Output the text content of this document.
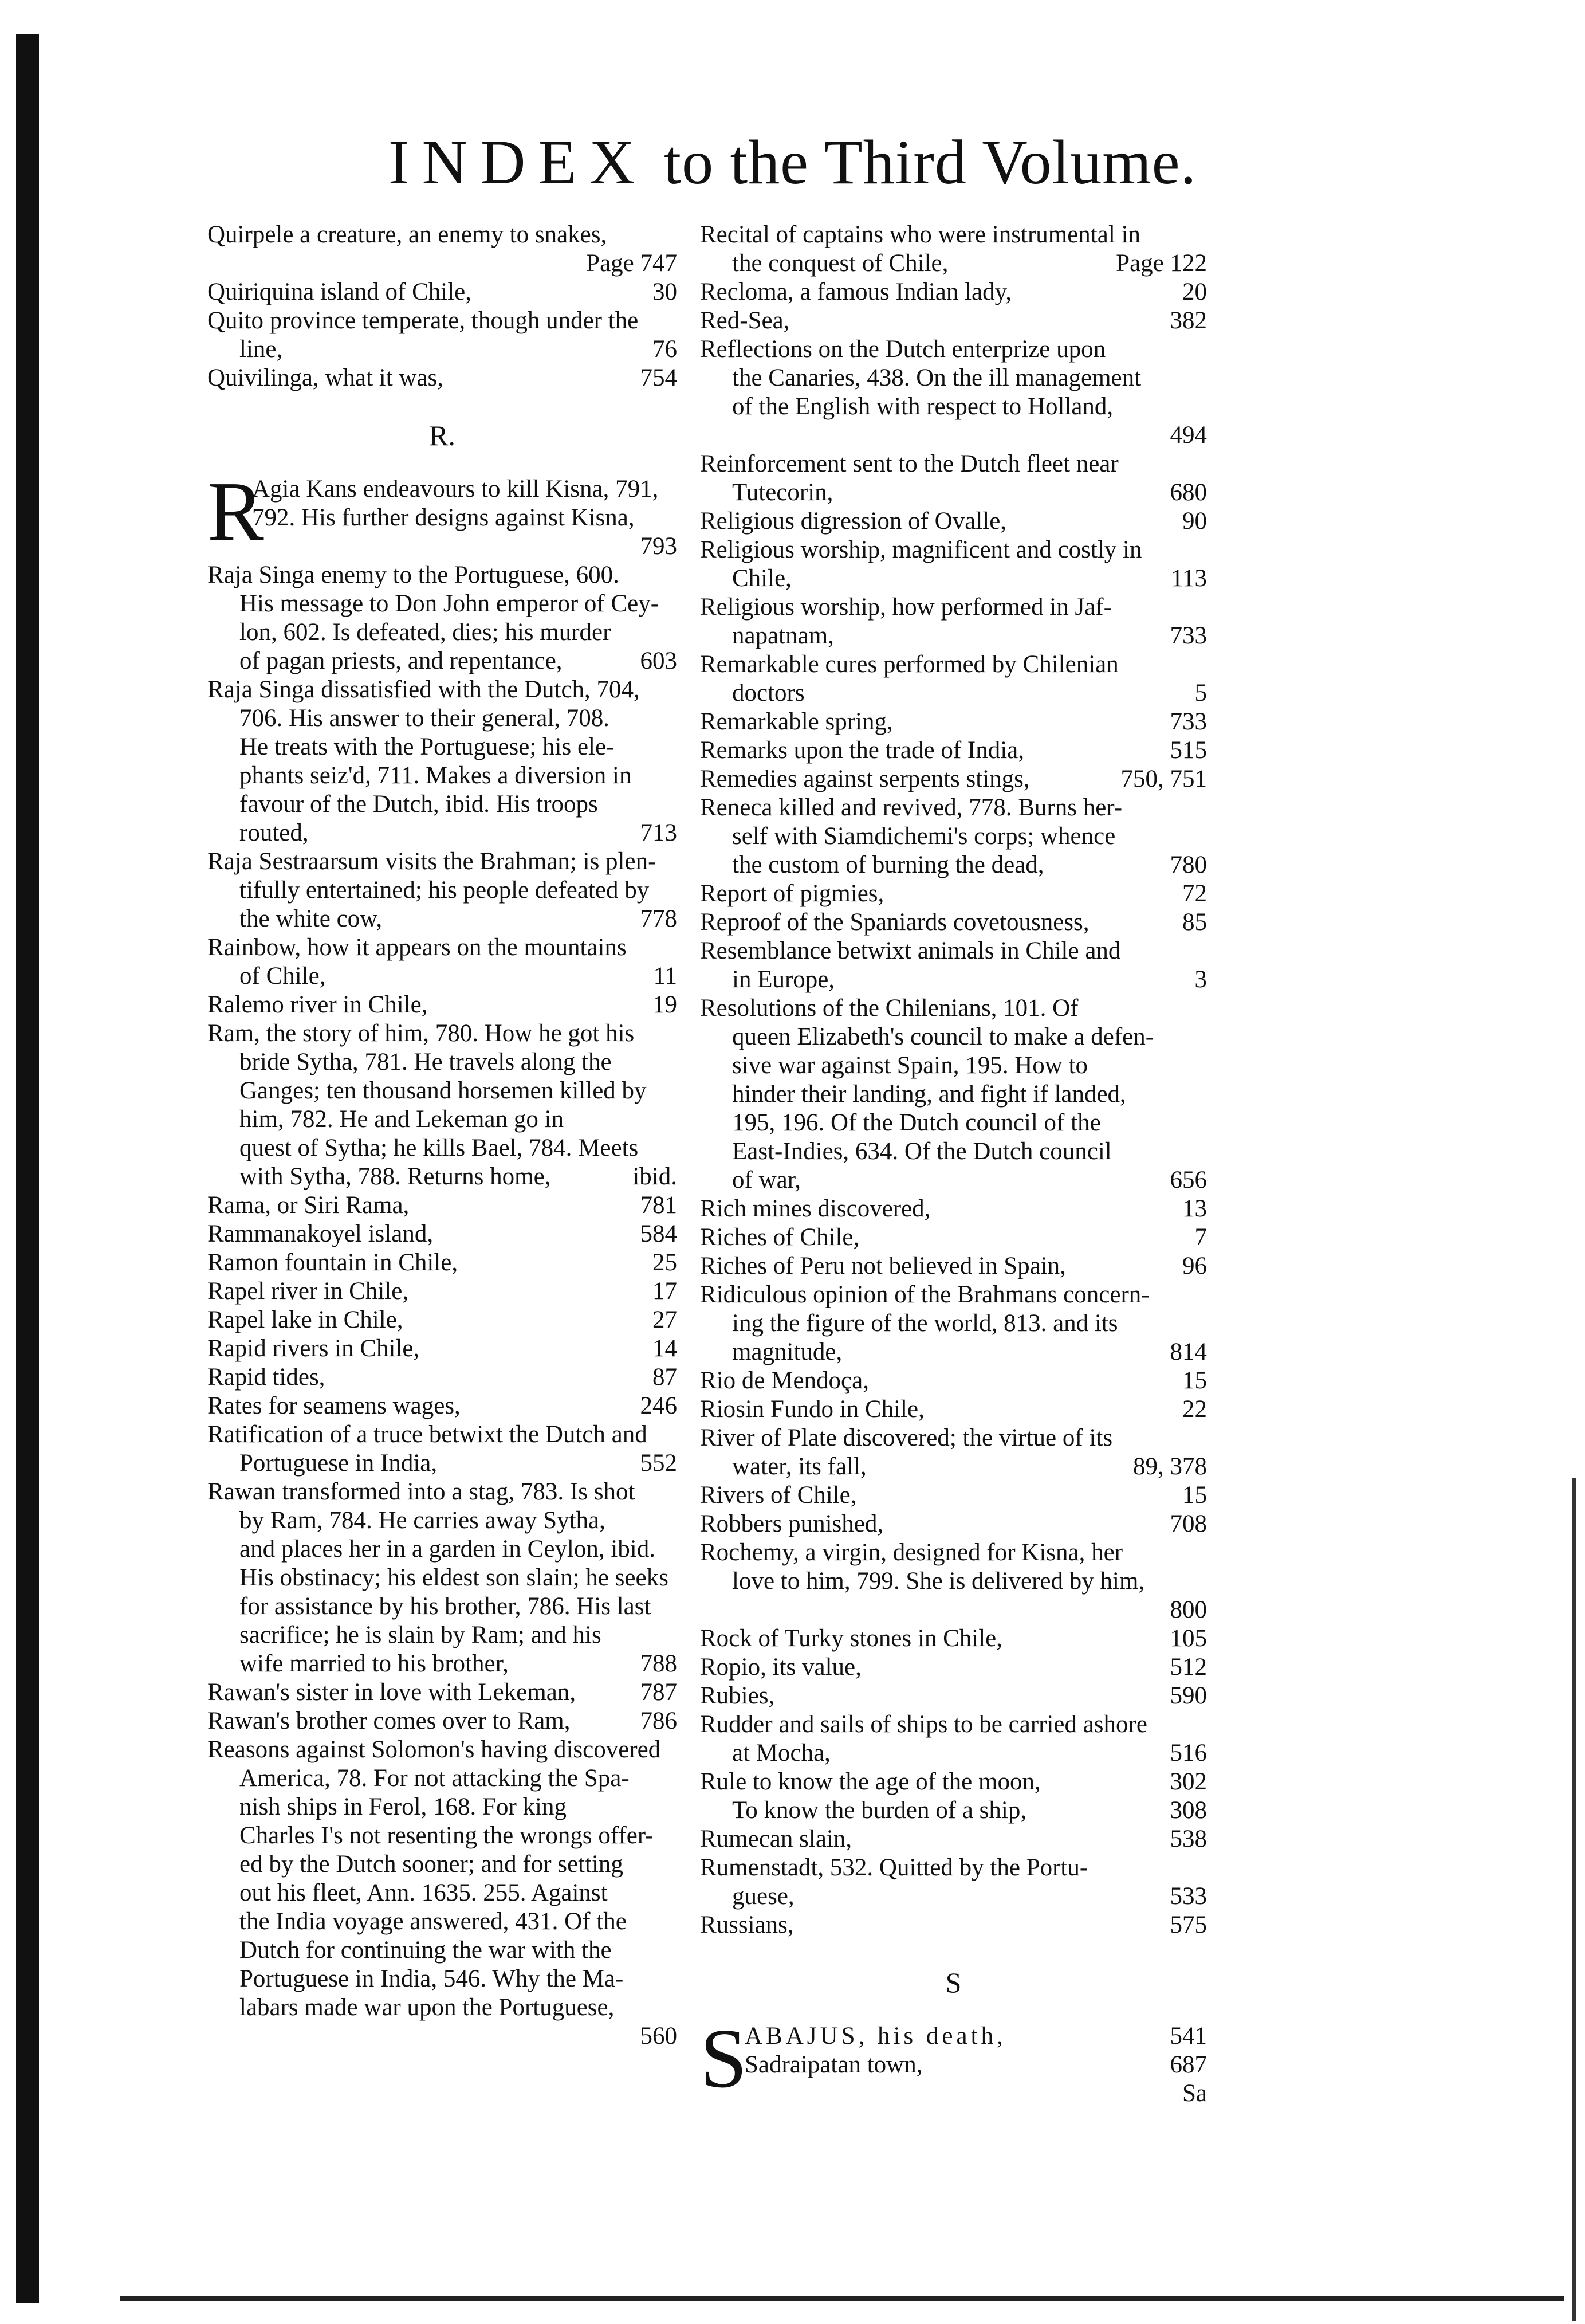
INDEX to the Third Volume.

Quirpele a creature, an enemy to snakes,
Page 747

Quiriquina island of Chile,	30

Quito province temperate, though under the
line,	76

Quivilinga, what it was,	754

R.
R
Agia Kans endeavours to kill Kisna, 791,
792. His further designs against Kisna,
793

Raja Singa enemy to the Portuguese, 600.
His message to Don John emperor of Cey-
lon, 602. Is defeated, dies; his murder
of pagan priests, and repentance,	603

Raja Singa dissatisfied with the Dutch, 704,
706. His answer to their general, 708.
He treats with the Portuguese; his ele-
phants seiz'd, 711. Makes a diversion in
favour of the Dutch, ibid. His troops
routed,	713

Raja Sestraarsum visits the Brahman; is plen-
tifully entertained; his people defeated by
the white cow,	778

Rainbow, how it appears on the mountains
of Chile,	11

Ralemo river in Chile,	19

Ram, the story of him, 780. How he got his
bride Sytha, 781. He travels along the
Ganges; ten thousand horsemen killed by
him, 782. He and Lekeman go in
quest of Sytha; he kills Bael, 784. Meets
with Sytha, 788. Returns home,	ibid.

Rama, or Siri Rama,	781

Rammanakoyel island,	584

Ramon fountain in Chile,	25

Rapel river in Chile,	17

Rapel lake in Chile,	27

Rapid rivers in Chile,	14

Rapid tides,	87

Rates for seamens wages,	246

Ratification of a truce betwixt the Dutch and
Portuguese in India,	552

Rawan transformed into a stag, 783. Is shot
by Ram, 784. He carries away Sytha,
and places her in a garden in Ceylon, ibid.
His obstinacy; his eldest son slain; he seeks
for assistance by his brother, 786. His last
sacrifice; he is slain by Ram; and his
wife married to his brother,	788

Rawan's sister in love with Lekeman,	787

Rawan's brother comes over to Ram,	786

Reasons against Solomon's having discovered
America, 78. For not attacking the Spa-
nish ships in Ferol, 168. For king
Charles I's not resenting the wrongs offer-
ed by the Dutch sooner; and for setting
out his fleet, Ann. 1635. 255. Against
the India voyage answered, 431. Of the
Dutch for continuing the war with the
Portuguese in India, 546. Why the Ma-
labars made war upon the Portuguese,
560

Recital of captains who were instrumental in
the conquest of Chile,	Page 122

Recloma, a famous Indian lady,	20

Red-Sea,	382

Reflections on the Dutch enterprize upon
the Canaries, 438. On the ill management
of the English with respect to Holland,
494

Reinforcement sent to the Dutch fleet near
Tutecorin,	680

Religious digression of Ovalle,	90

Religious worship, magnificent and costly in
Chile,	113

Religious worship, how performed in Jaf-
napatnam,	733

Remarkable cures performed by Chilenian
doctors	5

Remarkable spring,	733

Remarks upon the trade of India,	515

Remedies against serpents stings,	750, 751

Reneca killed and revived, 778. Burns her-
self with Siamdichemi's corps; whence
the custom of burning the dead,	780

Report of pigmies,	72

Reproof of the Spaniards covetousness,	85

Resemblance betwixt animals in Chile and
in Europe,	3

Resolutions of the Chilenians, 101. Of
queen Elizabeth's council to make a defen-
sive war against Spain, 195. How to
hinder their landing, and fight if landed,
195, 196. Of the Dutch council of the
East-Indies, 634. Of the Dutch council
of war,	656

Rich mines discovered,	13

Riches of Chile,	7

Riches of Peru not believed in Spain,	96

Ridiculous opinion of the Brahmans concern-
ing the figure of the world, 813. and its
magnitude,	814

Rio de Mendoça,	15

Riosin Fundo in Chile,	22

River of Plate discovered; the virtue of its
water, its fall,	89, 378

Rivers of Chile,	15

Robbers punished,	708

Rochemy, a virgin, designed for Kisna, her
love to him, 799. She is delivered by him,
800

Rock of Turky stones in Chile,	105

Ropio, its value,	512

Rubies,	590

Rudder and sails of ships to be carried ashore
at Mocha,	516

Rule to know the age of the moon,	302

To know the burden of a ship,	308

Rumecan slain,	538

Rumenstadt, 532. Quitted by the Portu-
guese,	533

Russians,	575

S
S
ABAJUS, his death,	541
Sadraipatan town,	687
Sa
